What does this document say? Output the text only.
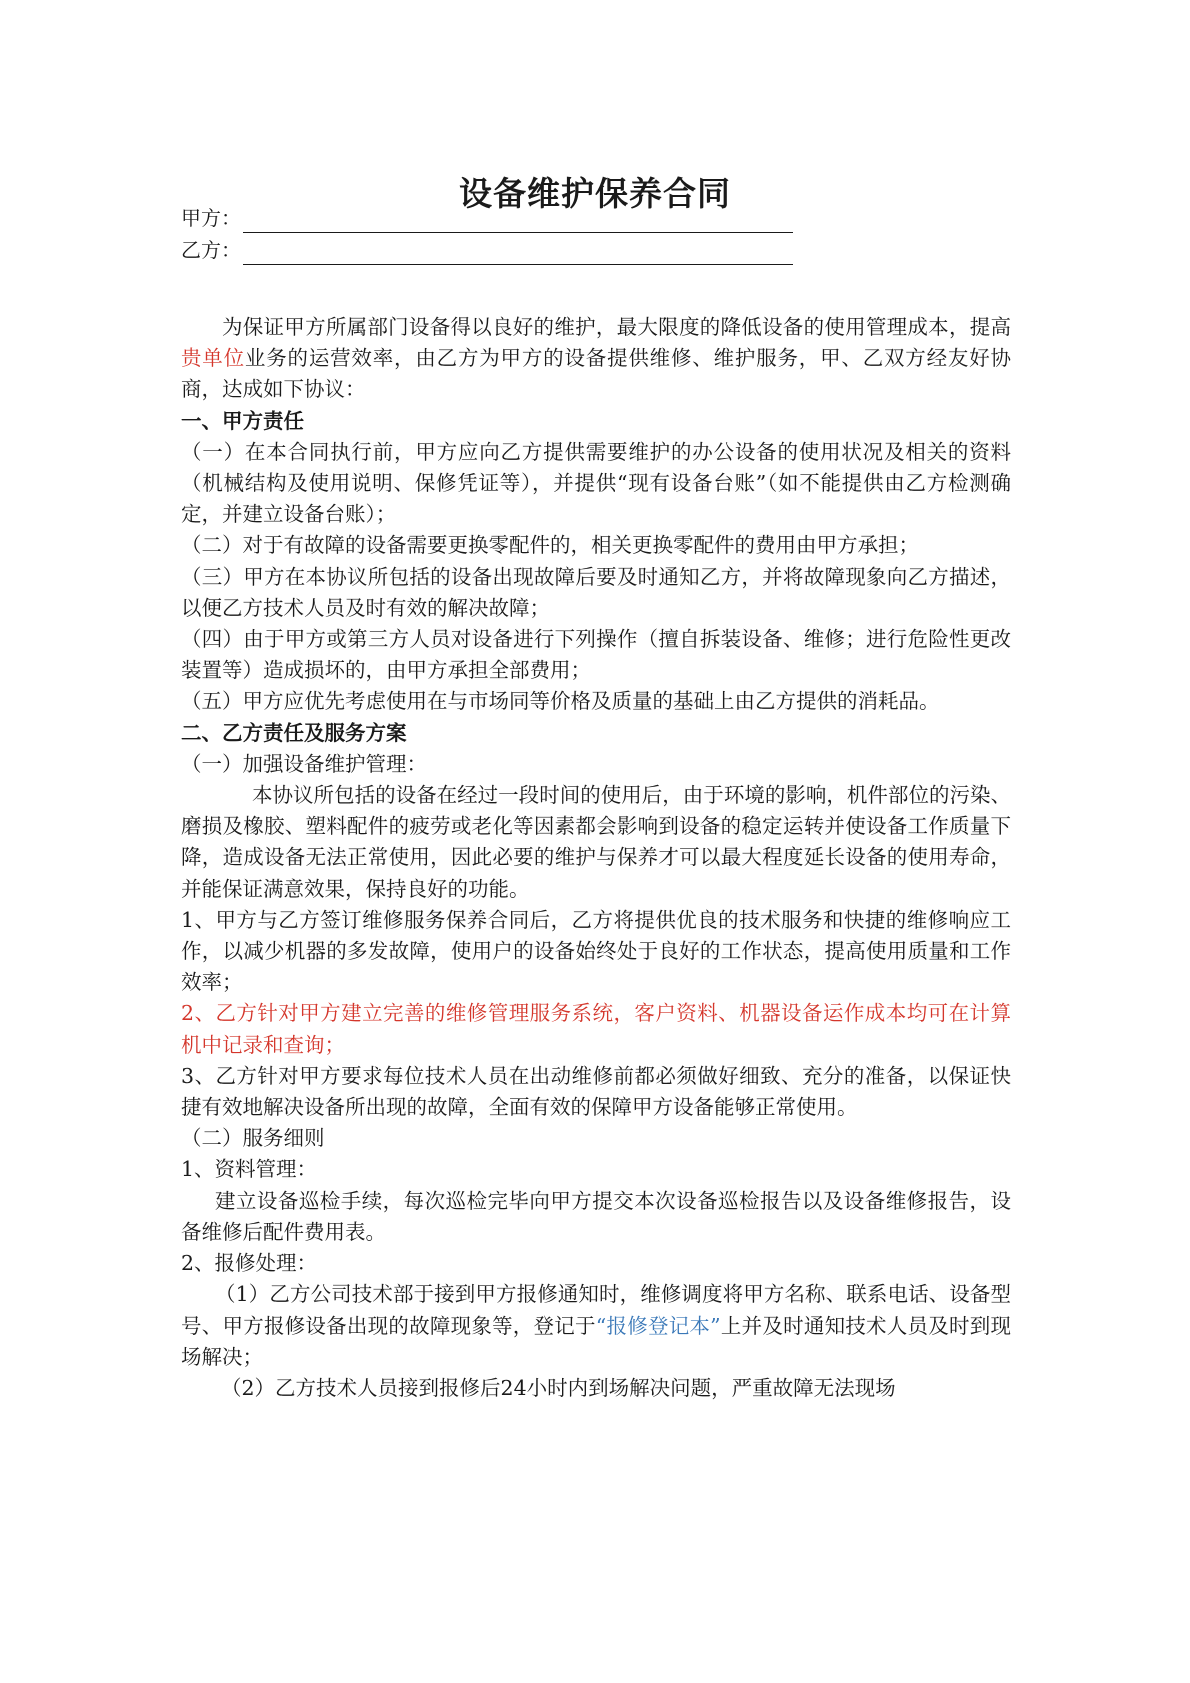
设备维护保养合同
甲方：
乙方：

为保证甲方所属部门设备得以良好的维护，最大限度的降低设备的使用管理成本，提高贵单位业务的运营效率，由乙方为甲方的设备提供维修、维护服务，甲、乙双方经友好协商，达成如下协议：

一、甲方责任

（一）在本合同执行前，甲方应向乙方提供需要维护的办公设备的使用状况及相关的资料（机械结构及使用说明、保修凭证等），并提供“现有设备台账”（如不能提供由乙方检测确定，并建立设备台账）；

（二）对于有故障的设备需要更换零配件的，相关更换零配件的费用由甲方承担；

（三）甲方在本协议所包括的设备出现故障后要及时通知乙方，并将故障现象向乙方描述，以便乙方技术人员及时有效的解决故障；

（四）由于甲方或第三方人员对设备进行下列操作（擅自拆装设备、维修；进行危险性更改装置等）造成损坏的，由甲方承担全部费用；

（五）甲方应优先考虑使用在与市场同等价格及质量的基础上由乙方提供的消耗品。

二、乙方责任及服务方案

（一）加强设备维护管理：

本协议所包括的设备在经过一段时间的使用后，由于环境的影响，机件部位的污染、磨损及橡胶、塑料配件的疲劳或老化等因素都会影响到设备的稳定运转并使设备工作质量下降，造成设备无法正常使用，因此必要的维护与保养才可以最大程度延长设备的使用寿命，并能保证满意效果，保持良好的功能。

1、甲方与乙方签订维修服务保养合同后，乙方将提供优良的技术服务和快捷的维修响应工作，以减少机器的多发故障，使用户的设备始终处于良好的工作状态，提高使用质量和工作效率；

2、乙方针对甲方建立完善的维修管理服务系统，客户资料、机器设备运作成本均可在计算机中记录和查询；

3、乙方针对甲方要求每位技术人员在出动维修前都必须做好细致、充分的准备，以保证快捷有效地解决设备所出现的故障，全面有效的保障甲方设备能够正常使用。

（二）服务细则

1、资料管理：

建立设备巡检手续，每次巡检完毕向甲方提交本次设备巡检报告以及设备维修报告，设备维修后配件费用表。

2、报修处理：

（1）乙方公司技术部于接到甲方报修通知时，维修调度将甲方名称、联系电话、设备型号、甲方报修设备出现的故障现象等，登记于“报修登记本”上并及时通知技术人员及时到现场解决；

（2）乙方技术人员接到报修后24小时内到场解决问题，严重故障无法现场
